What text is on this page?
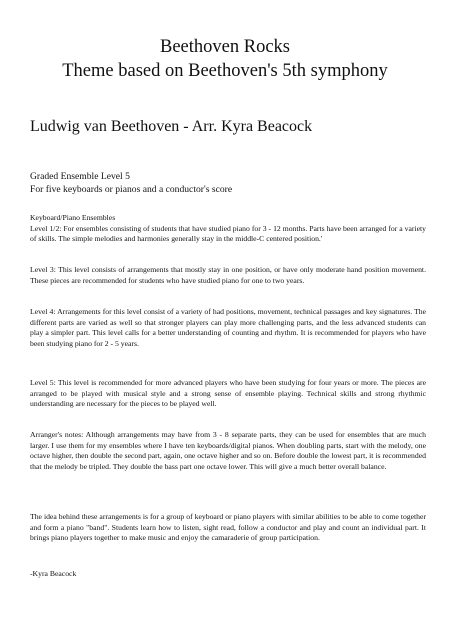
Beethoven Rocks
Theme based on Beethoven's 5th symphony
Ludwig van Beethoven - Arr. Kyra Beacock
Graded Ensemble Level 5
For five keyboards or pianos and a conductor's score

Keyboard/Piano Ensembles

Level 1/2: For ensembles consisting of students that have studied piano for 3 - 12 months. Parts have been arranged for a variety of skills. The simple melodies and harmonies generally stay in the middle-C centered position.'

Level 3: This level consists of arrangements that mostly stay in one position, or have only moderate hand position movement. These pieces are recommended for students who have studied piano for one to two years.

Level 4: Arrangements for this level consist of a variety of had positions, movement, technical passages and key signatures. The different parts are varied as well so that stronger players can play more challenging parts, and the less advanced students can play a simpler part. This level calls for a better understanding of counting and rhythm. It is recommended for players who have been studying piano for 2 - 5 years.

Level 5: This level is recommended for more advanced players who have been studying for four years or more. The pieces are arranged to be played with musical style and a strong sense of ensemble playing. Technical skills and strong rhythmic understanding are necessary for the pieces to be played well.

Arranger's notes: Although arrangements may have from 3 - 8 separate parts, they can be used for ensembles that are much larger. I use them for my ensembles where I have ten keyboards/digital pianos. When doubling parts, start with the melody, one octave higher, then double the second part, again, one octave higher and so on. Before double the lowest part, it is recommended that the melody be tripled. They double the bass part one octave lower. This will give a much better overall balance.

The idea behind these arrangements is for a group of keyboard or piano players with similar abilities to be able to come together and form a piano "band". Students learn how to listen, sight read, follow a conductor and play and count an individual part. It brings piano players together to make music and enjoy the camaraderie of group participation.

-Kyra Beacock
